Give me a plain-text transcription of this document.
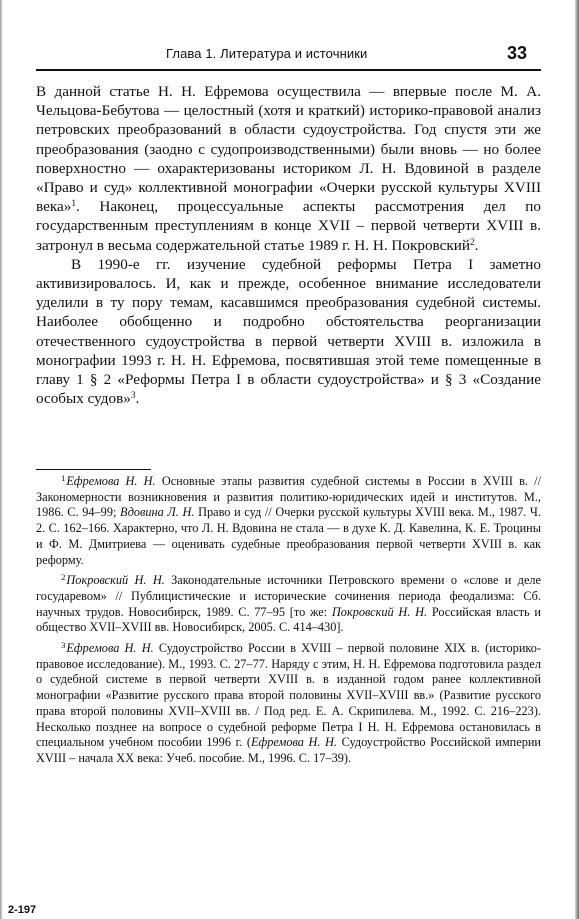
Глава 1. Литература и источники	33

В данной статье Н. Н. Ефремова осуществила — впервые после М. А. Чельцова-Бебутова — целостный (хотя и краткий) историко-правовой анализ петровских преобразований в области судоустройства. Год спустя эти же преобразования (заодно с судопроизводственными) были вновь — но более поверхностно — охарактеризованы историком Л. Н. Вдовиной в разделе «Право и суд» коллективной монографии «Очерки русской культуры XVIII века»$^1$. Наконец, процессуальные аспекты рассмотрения дел по государственным преступлениям в конце XVII – первой четверти XVIII в. затронул в весьма содержательной статье 1989 г. Н. Н. Покровский$^2$.

В 1990-е гг. изучение судебной реформы Петра I заметно активизировалось. И, как и прежде, особенное внимание исследователи уделили в ту пору темам, касавшимся преобразования судебной системы. Наиболее обобщенно и подробно обстоятельства реорганизации отечественного судоустройства в первой четверти XVIII в. изложила в монографии 1993 г. Н. Н. Ефремова, посвятившая этой теме помещенные в главу 1 § 2 «Реформы Петра I в области судоустройства» и § 3 «Создание особых судов»$^3$.

$^1$Ефремова Н. Н. Основные этапы развития судебной системы в России в XVIII в. // Закономерности возникновения и развития политико-юридических идей и институтов. М., 1986. С. 94–99; Вдовина Л. Н. Право и суд // Очерки русской культуры XVIII века. М., 1987. Ч. 2. С. 162–166. Характерно, что Л. Н. Вдовина не стала — в духе К. Д. Кавелина, К. Е. Троцины и Ф. М. Дмитриева — оценивать судебные преобразования первой четверти XVIII в. как реформу.

$^2$Покровский Н. Н. Законодательные источники Петровского времени о «слове и деле государевом» // Публицистические и исторические сочинения периода феодализма: Сб. научных трудов. Новосибирск, 1989. С. 77–95 [то же: Покровский Н. Н. Российская власть и общество XVII–XVIII вв. Новосибирск, 2005. С. 414–430].

$^3$Ефремова Н. Н. Судоустройство России в XVIII – первой половине XIX в. (историко-правовое исследование). М., 1993. С. 27–77. Наряду с этим, Н. Н. Ефремова подготовила раздел о судебной системе в первой четверти XVIII в. в изданной годом ранее коллективной монографии «Развитие русского права второй половины XVII–XVIII вв.» (Развитие русского права второй половины XVII–XVIII вв. / Под ред. Е. А. Скрипилева. М., 1992. С. 216–223). Несколько позднее на вопросе о судебной реформе Петра I Н. Н. Ефремова остановилась в специальном учебном пособии 1996 г. (Ефремова Н. Н. Судоустройство Российской империи XVIII – начала XX века: Учеб. пособие. М., 1996. С. 17–39).

2-197
